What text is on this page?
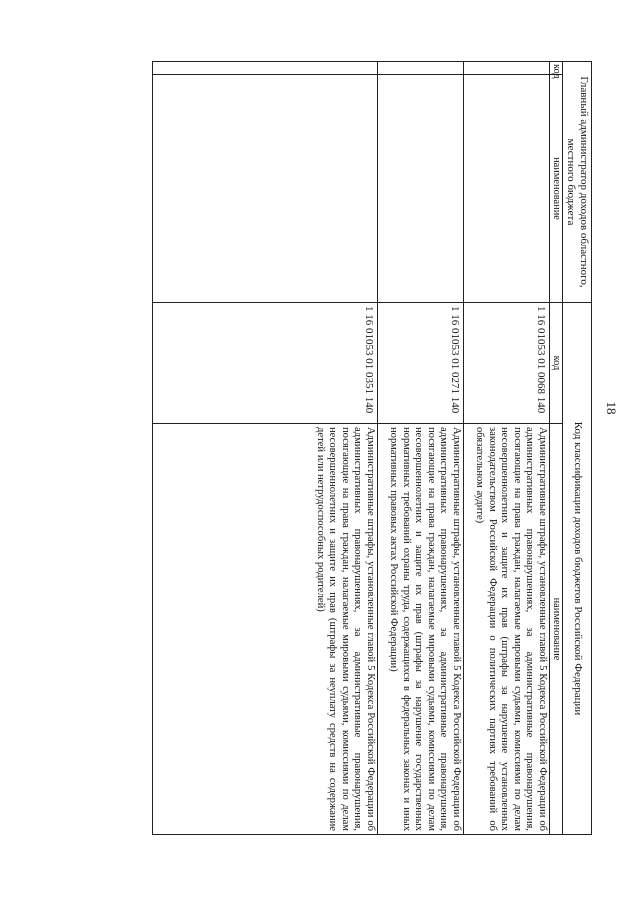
18
Главный администратор доходов областного, местного бюджета		Код классификации доходов бюджетов Российской Федерации	
код	наименование	код	наименование
		1 16 01053 01 0068 140	Административные штрафы, установленные главой 5 Кодекса Российской Федерации об административных правонарушениях, за административные правонарушения, посягающие на права граждан, налагаемые мировыми судьями, комиссиями по делам несовершеннолетних и защите их прав (штрафы за нарушение установленных законодательством Российской Федерации о политических партиях требований об обязательном аудите)
		1 16 01053 01 0271 140	Административные штрафы, установленные главой 5 Кодекса Российской Федерации об административных правонарушениях, за административные правонарушения, посягающие на права граждан, налагаемые мировыми судьями, комиссиями по делам несовершеннолетних и защите их прав (штрафы за нарушение государственных нормативных требований охраны труда, содержащихся в федеральных законах и иных нормативных правовых актах Российской Федерации)
		1 16 01053 01 0351 140	Административные штрафы, установленные главой 5 Кодекса Российской Федерации об административных правонарушениях, за административные правонарушения, посягающие на права граждан, налагаемые мировыми судьями, комиссиями по делам несовершеннолетних и защите их прав (штрафы за неуплату средств на содержание детей или нетрудоспособных родителей)
